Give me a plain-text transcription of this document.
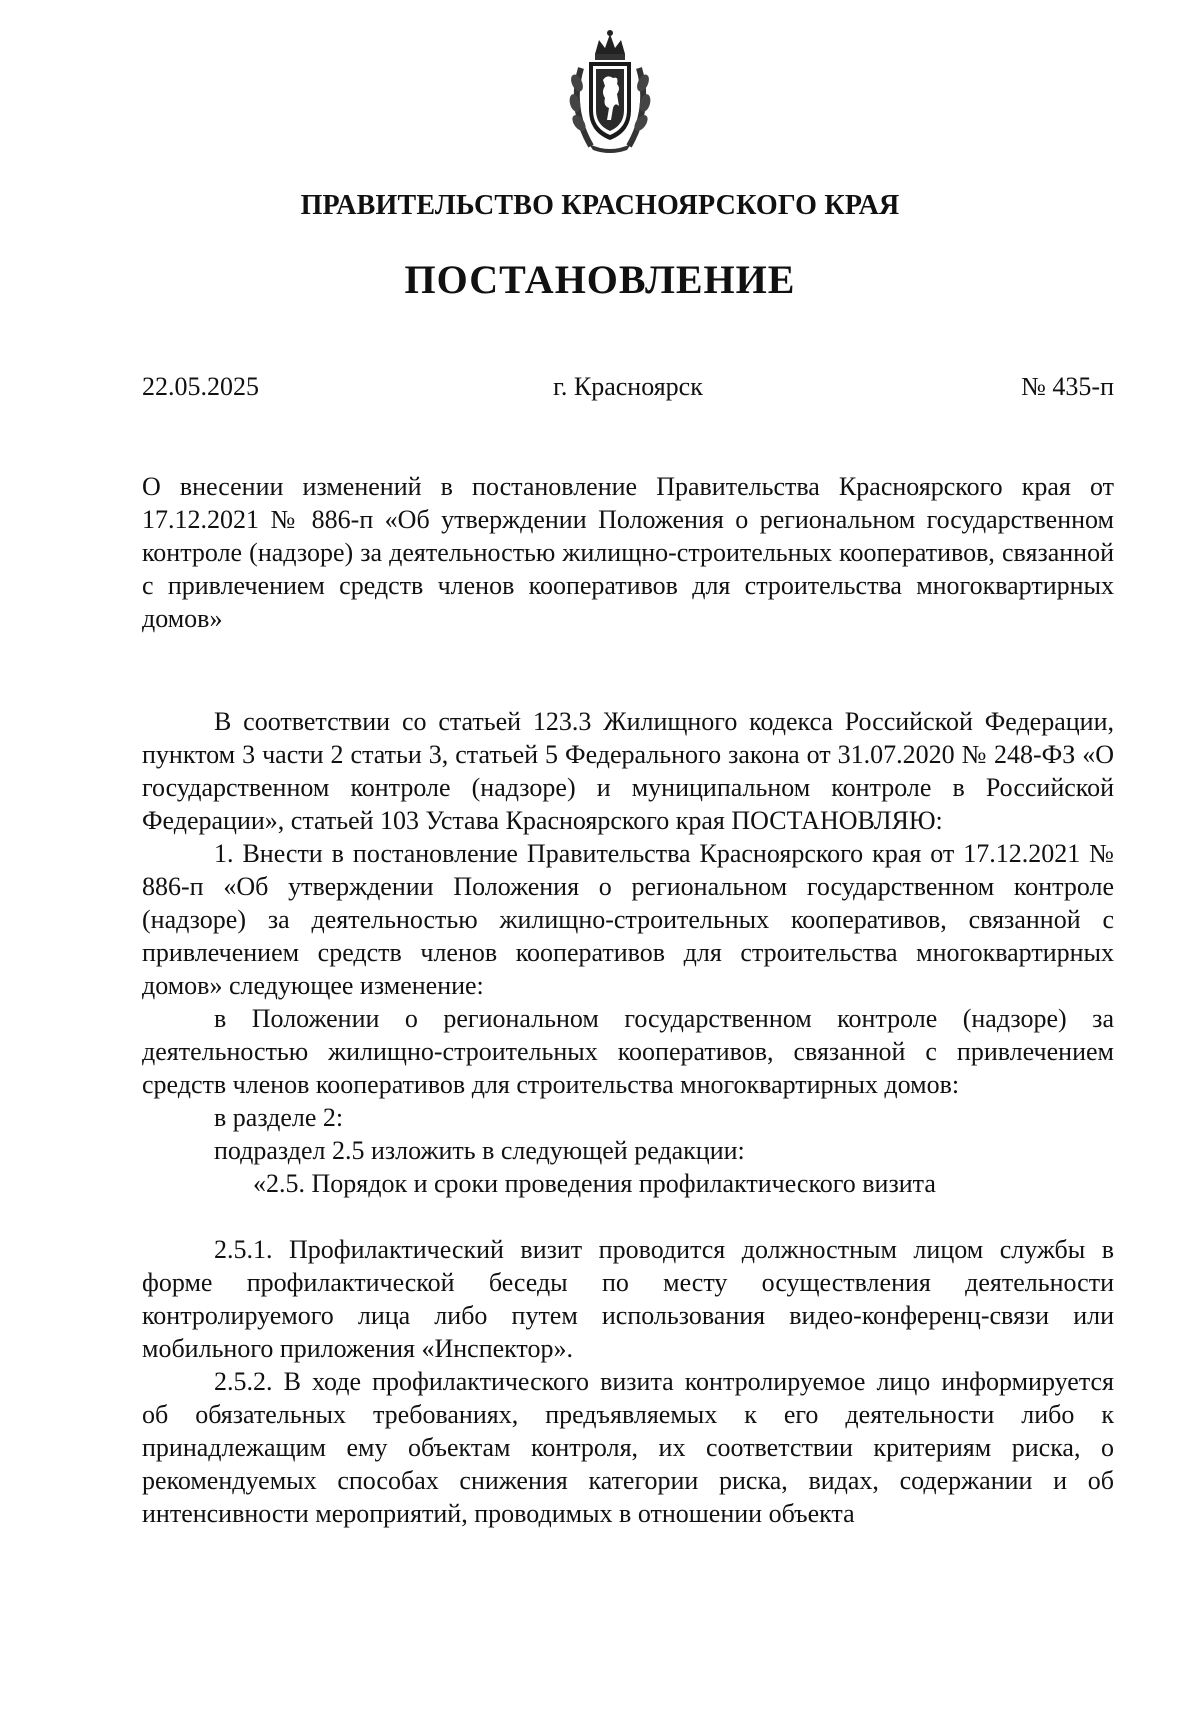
ПРАВИТЕЛЬСТВО КРАСНОЯРСКОГО КРАЯ
ПОСТАНОВЛЕНИЕ
22.05.2025	г. Красноярск	№ 435-п
О внесении изменений в постановление Правительства Красноярского края от 17.12.2021 № 886-п «Об утверждении Положения о региональном государственном контроле (надзоре) за деятельностью жилищно-строительных кооперативов, связанной с привлечением средств членов кооперативов для строительства многоквартирных домов»

В соответствии со статьей 123.3 Жилищного кодекса Российской Федерации, пунктом 3 части 2 статьи 3, статьей 5 Федерального закона от 31.07.2020 № 248-ФЗ «О государственном контроле (надзоре) и муниципальном контроле в Российской Федерации», статьей 103 Устава Красноярского края ПОСТАНОВЛЯЮ:

1. Внести в постановление Правительства Красноярского края от 17.12.2021 № 886-п «Об утверждении Положения о региональном государственном контроле (надзоре) за деятельностью жилищно-строительных кооперативов, связанной с привлечением средств членов кооперативов для строительства многоквартирных домов» следующее изменение:

в Положении о региональном государственном контроле (надзоре) за деятельностью жилищно-строительных кооперативов, связанной с привлечением средств членов кооперативов для строительства многоквартирных домов:

в разделе 2:

подраздел 2.5 изложить в следующей редакции:

«2.5. Порядок и сроки проведения профилактического визита

2.5.1. Профилактический визит проводится должностным лицом службы в форме профилактической беседы по месту осуществления деятельности контролируемого лица либо путем использования видео-конференц-связи или мобильного приложения «Инспектор».

2.5.2. В ходе профилактического визита контролируемое лицо информируется об обязательных требованиях, предъявляемых к его деятельности либо к принадлежащим ему объектам контроля, их соответствии критериям риска, о рекомендуемых способах снижения категории риска, видах, содержании и об интенсивности мероприятий, проводимых в отношении объекта
